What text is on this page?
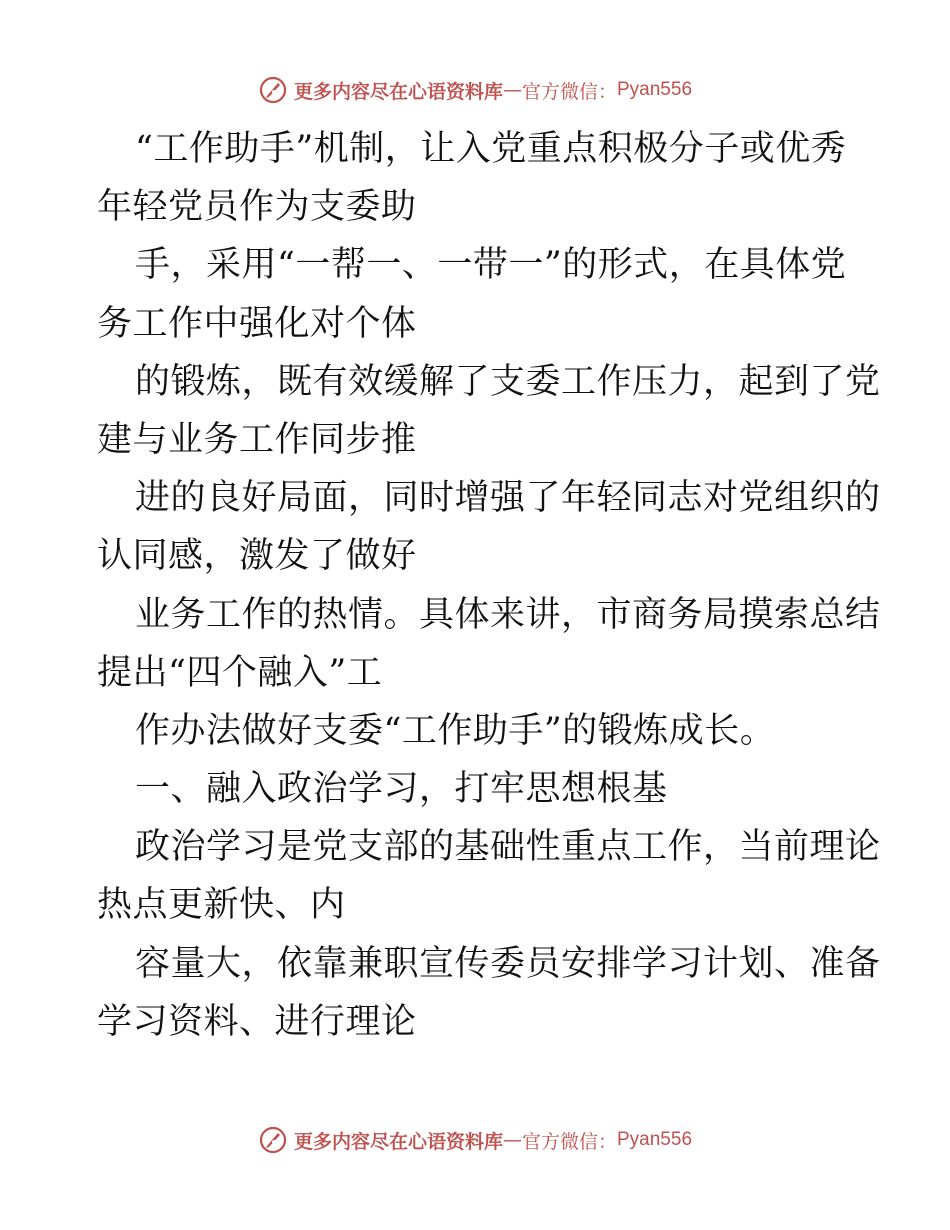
更多内容尽在心语资料库 — 官方微信： Pyan556
“工作助手”机制，让入党重点积极分子或优秀
年轻党员作为支委助
手，采用“一帮一、一带一”的形式，在具体党
务工作中强化对个体
的锻炼，既有效缓解了支委工作压力，起到了党
建与业务工作同步推
进的良好局面，同时增强了年轻同志对党组织的
认同感，激发了做好
业务工作的热情。具体来讲，市商务局摸索总结
提出“四个融入”工
作办法做好支委“工作助手”的锻炼成长。
一、融入政治学习，打牢思想根基
政治学习是党支部的基础性重点工作，当前理论
热点更新快、内
容量大，依靠兼职宣传委员安排学习计划、准备
学习资料、进行理论
更多内容尽在心语资料库 — 官方微信： Pyan556
